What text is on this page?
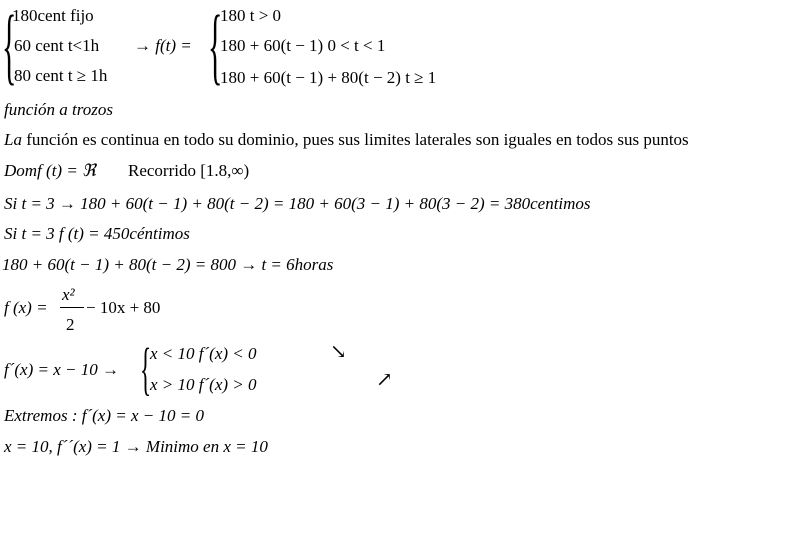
{
180cent fijo
60 cent t<1h
80 cent t ≥ 1h
→ f(t) = {
180 t > 0
180 + 60(t − 1) 0 < t < 1
180 + 60(t − 1) + 80(t − 2) t ≥ 1
función a trozos
La función es continua en todo su dominio, pues sus limites laterales son iguales en todos sus puntos
Domf (t) = ℜ Recorrido [1.8,∞)
Si t = 3 → 180 + 60(t − 1) + 80(t − 2) = 180 + 60(3 − 1) + 80(3 − 2) = 380centimos
Si t = 3 f (t) = 450céntimos
180 + 60(t − 1) + 80(t − 2) = 800 → t = 6horas
f (x) =
x²
2
− 10x + 80
f´(x) = x − 10 → {
x < 10 f´(x) < 0
x > 10 f´(x) > 0
↘
↗
Extremos : f´(x) = x − 10 = 0
x = 10, f´´(x) = 1 → Minimo en x = 10
